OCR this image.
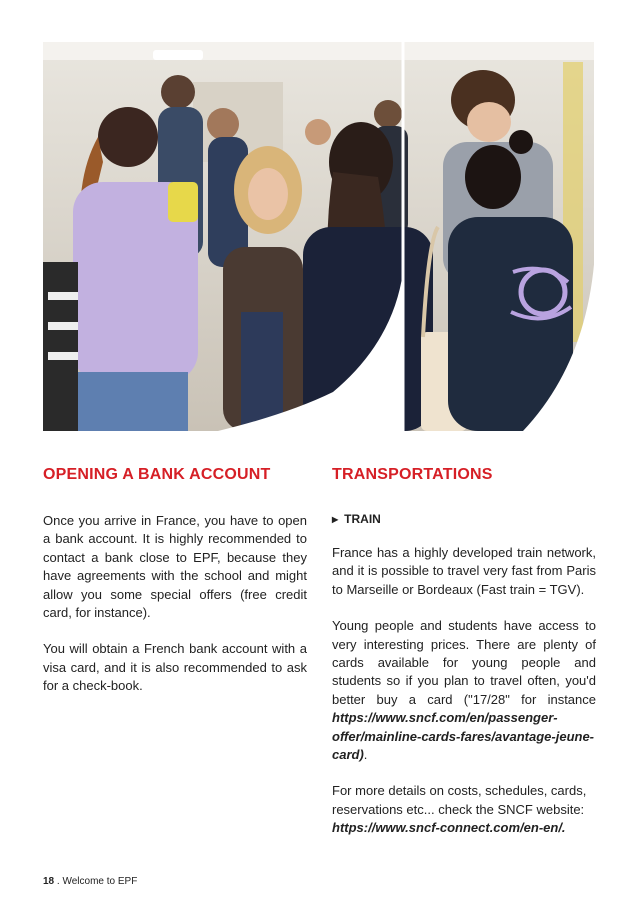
OPENING A BANK ACCOUNT

Once you arrive in France, you have to open a bank account. It is highly recommended to contact a bank close to EPF, because they have agreements with the school and might allow you some special offers (free credit card, for instance).

You will obtain a French bank account with a visa card, and it is also recommended to ask for a check-book.

TRANSPORTATIONS
▶ TRAIN

France has a highly developed train network, and it is possible to travel very fast from Paris to Marseille or Bordeaux (Fast train = TGV).

Young people and students have access to very interesting prices. There are plenty of cards available for young people and students so if you plan to travel often, you'd better buy a card ("17/28" for instance https://www.sncf.com/en/passenger-offer/mainline-cards-fares/avantage-jeune-card).

For more details on costs, schedules, cards, reservations etc... check the SNCF website: https://www.sncf-connect.com/en-en/.

18 . Welcome to EPF
